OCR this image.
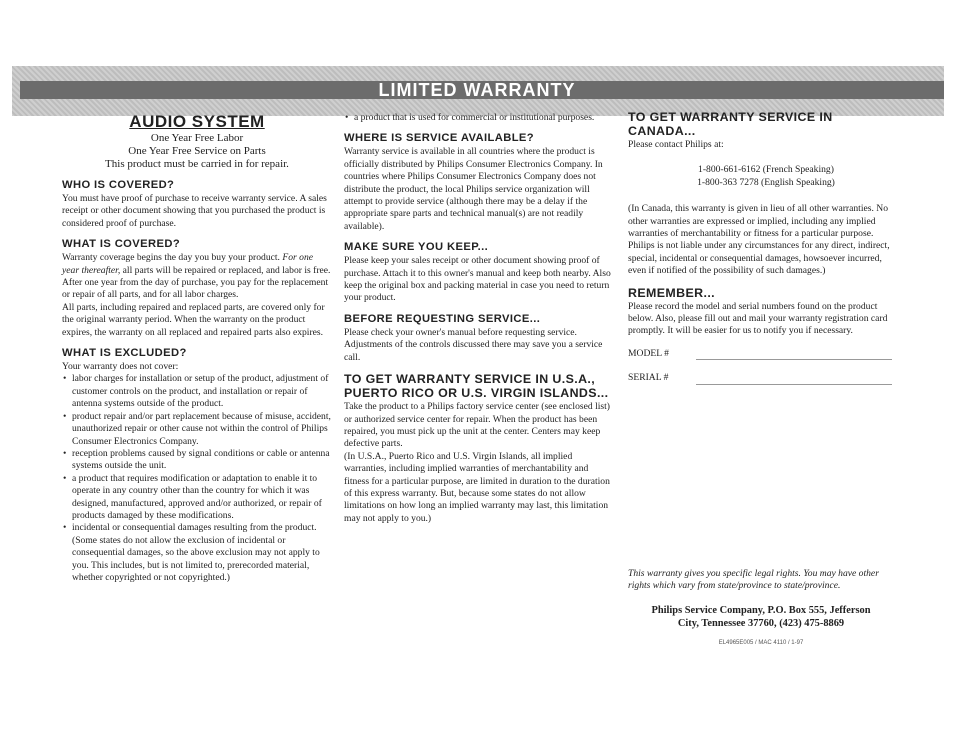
LIMITED WARRANTY
AUDIO SYSTEM
One Year Free Labor
One Year Free Service on Parts
This product must be carried in for repair.
WHO IS COVERED?

You must have proof of purchase to receive warranty service. A sales receipt or other document showing that you purchased the product is considered proof of purchase.

WHAT IS COVERED?

Warranty coverage begins the day you buy your product. For one year thereafter, all parts will be repaired or replaced, and labor is free. After one year from the day of purchase, you pay for the replacement or repair of all parts, and for all labor charges.

All parts, including repaired and replaced parts, are covered only for the original warranty period. When the warranty on the product expires, the warranty on all replaced and repaired parts also expires.

WHAT IS EXCLUDED?

Your warranty does not cover:

• labor charges for installation or setup of the product, adjustment of customer controls on the product, and installation or repair of antenna systems outside of the product.
• product repair and/or part replacement because of misuse, accident, unauthorized repair or other cause not within the control of Philips Consumer Electronics Company.
• reception problems caused by signal conditions or cable or antenna systems outside the unit.
• a product that requires modification or adaptation to enable it to operate in any country other than the country for which it was designed, manufactured, approved and/or authorized, or repair of products damaged by these modifications.
• incidental or consequential damages resulting from the product. (Some states do not allow the exclusion of incidental or consequential damages, so the above exclusion may not apply to you. This includes, but is not limited to, prerecorded material, whether copyrighted or not copyrighted.)
• a product that is used for commercial or institutional purposes.
WHERE IS SERVICE AVAILABLE?

Warranty service is available in all countries where the product is officially distributed by Philips Consumer Electronics Company. In countries where Philips Consumer Electronics Company does not distribute the product, the local Philips service organization will attempt to provide service (although there may be a delay if the appropriate spare parts and technical manual(s) are not readily available).

MAKE SURE YOU KEEP...

Please keep your sales receipt or other document showing proof of purchase. Attach it to this owner's manual and keep both nearby. Also keep the original box and packing material in case you need to return your product.

BEFORE REQUESTING SERVICE...

Please check your owner's manual before requesting service. Adjustments of the controls discussed there may save you a service call.

TO GET WARRANTY SERVICE IN U.S.A., PUERTO RICO OR U.S. VIRGIN ISLANDS...

Take the product to a Philips factory service center (see enclosed list) or authorized service center for repair. When the product has been repaired, you must pick up the unit at the center. Centers may keep defective parts.

(In U.S.A., Puerto Rico and U.S. Virgin Islands, all implied warranties, including implied warranties of merchantability and fitness for a particular purpose, are limited in duration to the duration of this express warranty. But, because some states do not allow limitations on how long an implied warranty may last, this limitation may not apply to you.)

TO GET WARRANTY SERVICE IN CANADA...

Please contact Philips at:

1-800-661-6162 (French Speaking)
1-800-363 7278 (English Speaking)

(In Canada, this warranty is given in lieu of all other warranties. No other warranties are expressed or implied, including any implied warranties of merchantability or fitness for a particular purpose. Philips is not liable under any circumstances for any direct, indirect, special, incidental or consequential damages, howsoever incurred, even if notified of the possibility of such damages.)

REMEMBER...

Please record the model and serial numbers found on the product below. Also, please fill out and mail your warranty registration card promptly. It will be easier for us to notify you if necessary.

MODEL #
SERIAL #
This warranty gives you specific legal rights. You may have other rights which vary from state/province to state/province.
Philips Service Company, P.O. Box 555, Jefferson
City, Tennessee 37760, (423) 475-8869
EL4965E005 / MAC 4110 / 1-97
